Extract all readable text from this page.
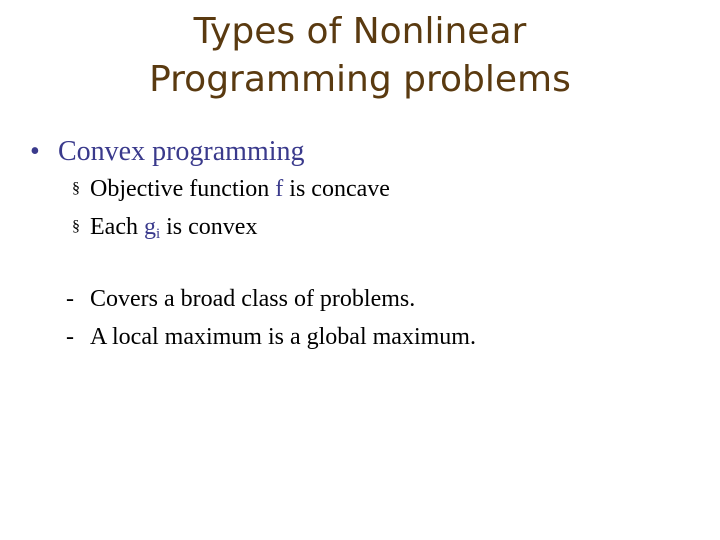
Types of Nonlinear
Programming problems
• Convex programming
§ Objective function f is concave
§ Each $g_i$ is convex
- Covers a broad class of problems.
- A local maximum is a global maximum.
